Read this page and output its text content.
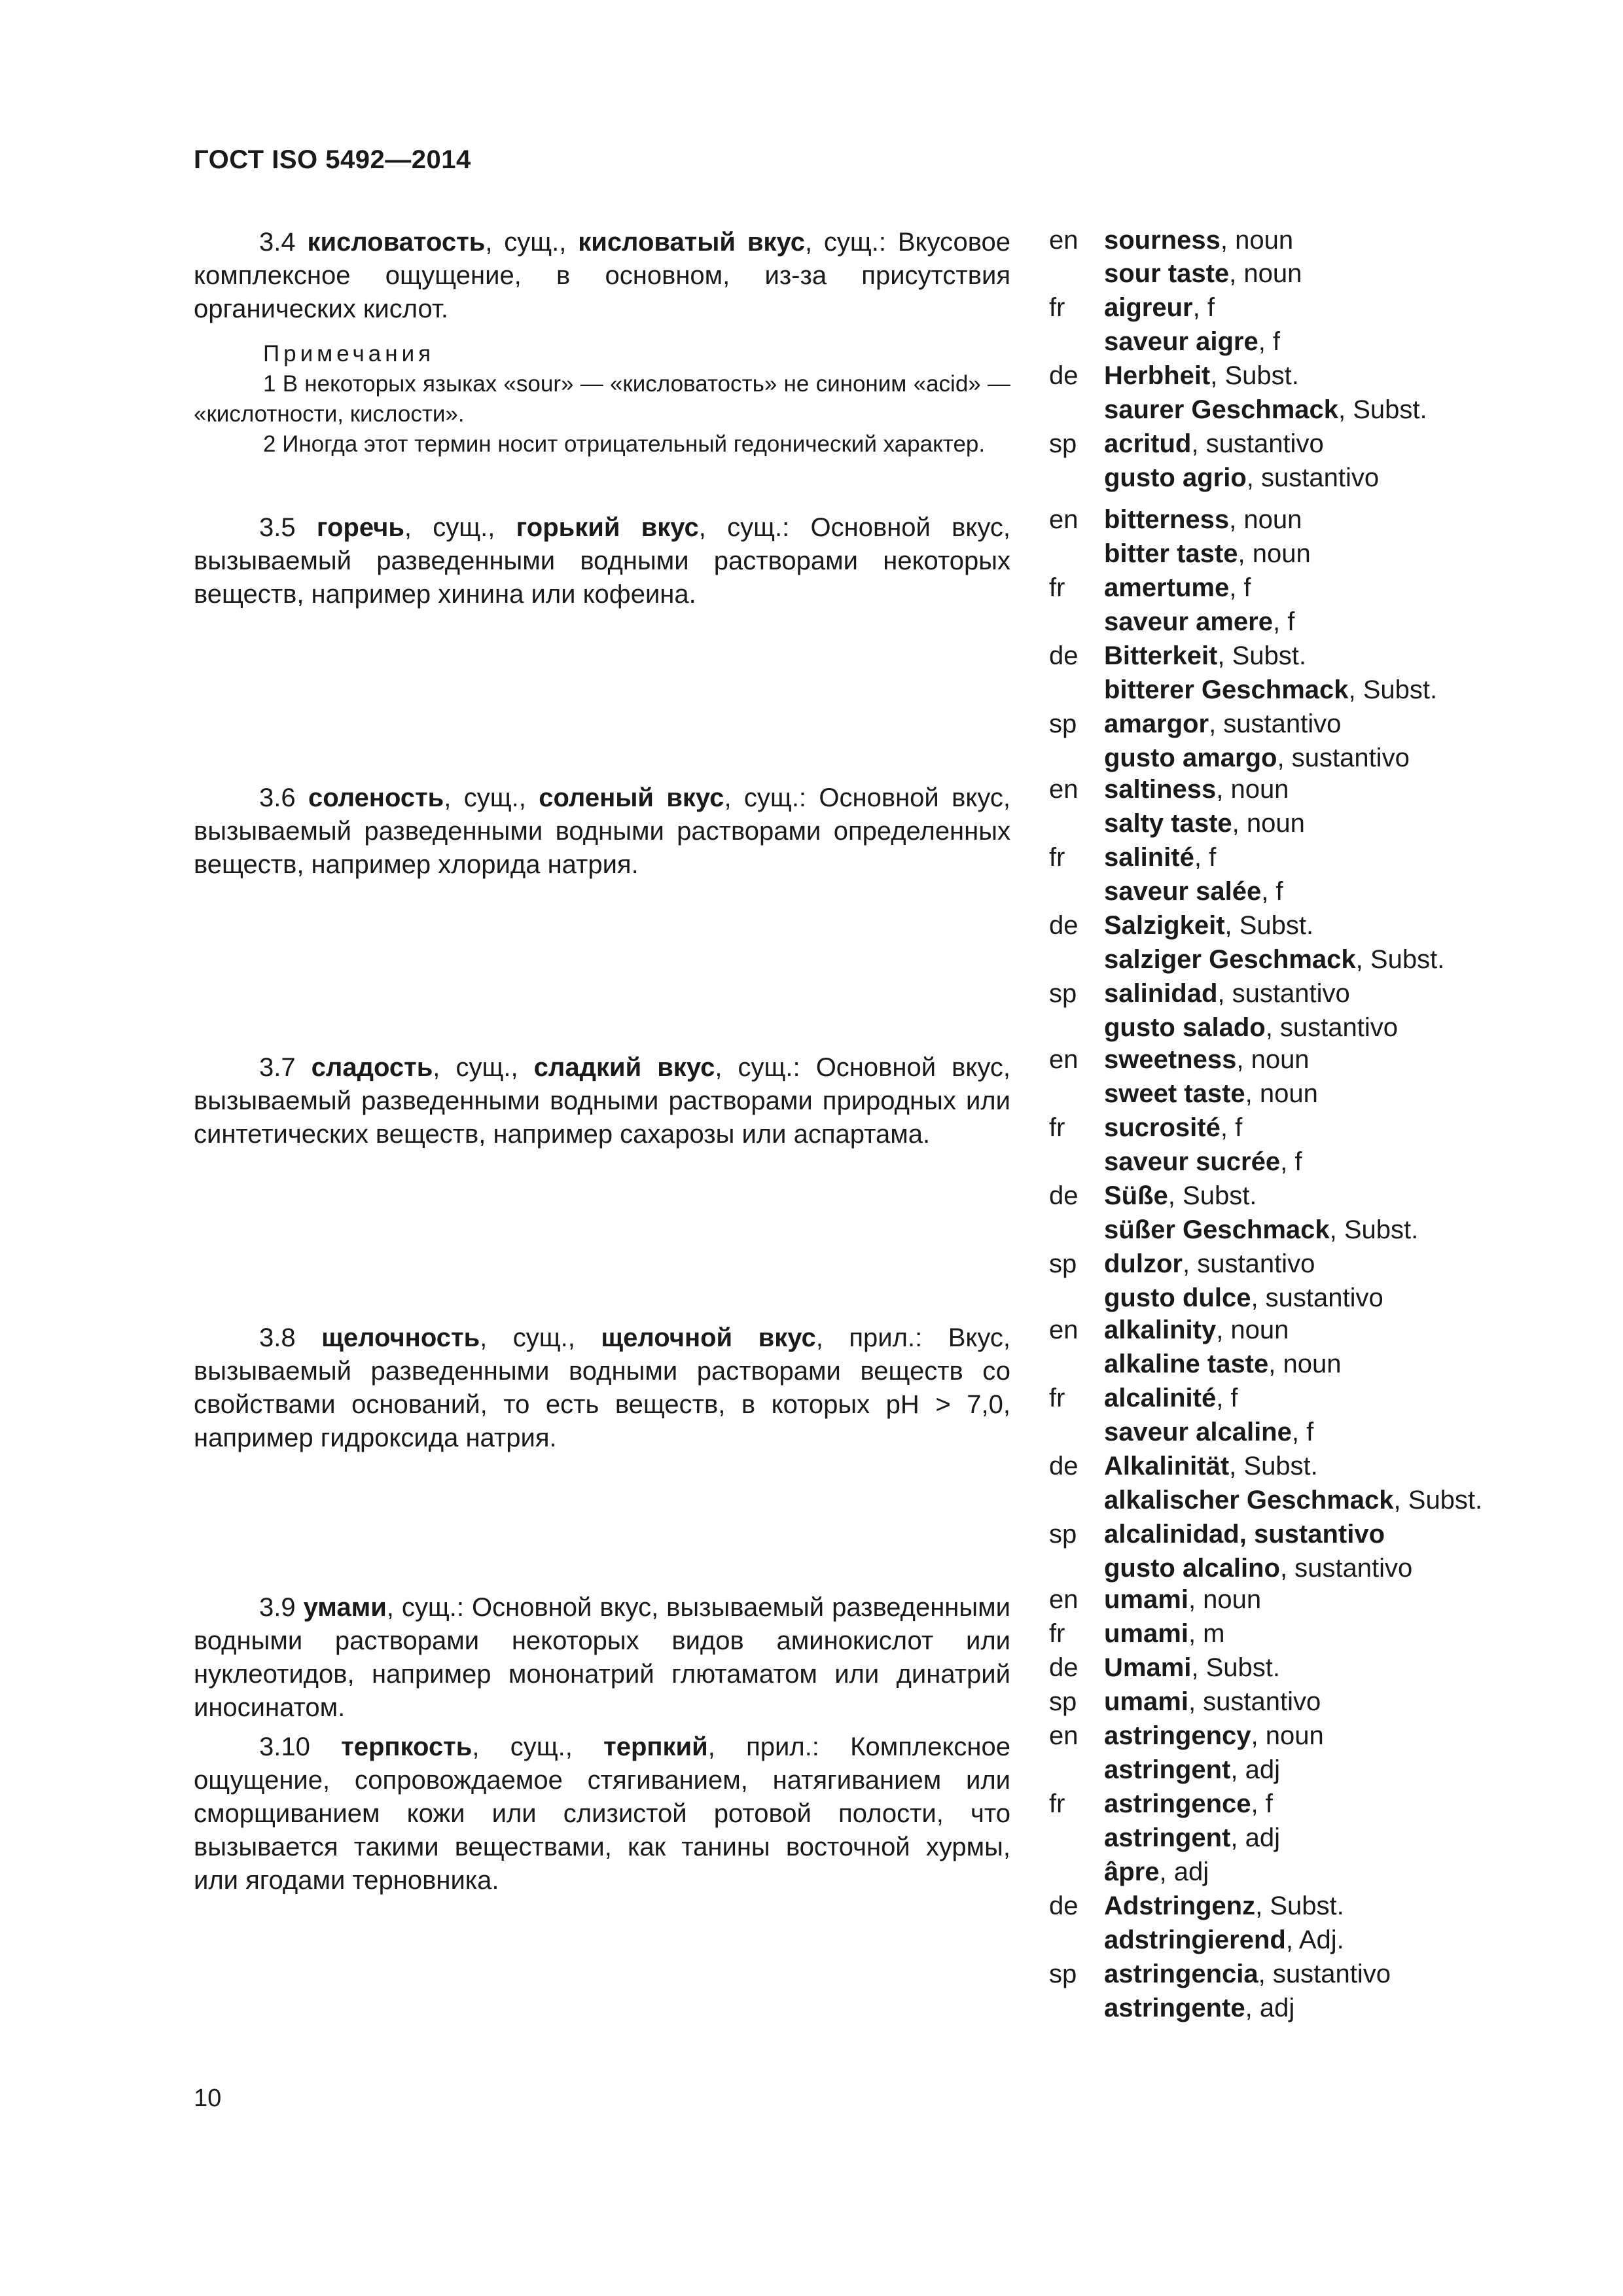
ГОСТ ISO 5492—2014
3.4 кисловатость, сущ., кисловатый вкус, сущ.: Вкусовое комплексное ощущение, в основном, из-за присутствия органических кислот.
Примечания
1 В некоторых языках «sour» — «кисловатость» не синоним «acid» — «кислотности, кислости».
2 Иногда этот термин носит отрицательный гедонический характер.
3.5 горечь, сущ., горький вкус, сущ.: Основной вкус, вызываемый разведенными водными растворами некоторых веществ, например хинина или кофеина.
3.6 соленость, сущ., соленый вкус, сущ.: Основной вкус, вызываемый разведенными водными растворами определенных веществ, например хлорида натрия.
3.7 сладость, сущ., сладкий вкус, сущ.: Основной вкус, вызываемый разведенными водными растворами природных или синтетических веществ, например сахарозы или аспартама.
3.8 щелочность, сущ., щелочной вкус, прил.: Вкус, вызываемый разведенными водными растворами веществ со свойствами оснований, то есть веществ, в которых pH > 7,0, например гидроксида натрия.
3.9 умами, сущ.: Основной вкус, вызываемый разведенными водными растворами некоторых видов аминокислот или нуклеотидов, например мононатрий глютаматом или динатрий иносинатом.
3.10 терпкость, сущ., терпкий, прил.: Комплексное ощущение, сопровождаемое стягиванием, натягиванием или сморщиванием кожи или слизистой ротовой полости, что вызывается такими веществами, как танины восточной хурмы, или ягодами терновника.
en sourness, noun
sour taste, noun
fr aigreur, f
saveur aigre, f
de Herbheit, Subst.
saurer Geschmack, Subst.
sp acritud, sustantivo
gusto agrio, sustantivo
en bitterness, noun
bitter taste, noun
fr amertume, f
saveur amere, f
de Bitterkeit, Subst.
bitterer Geschmack, Subst.
sp amargor, sustantivo
gusto amargo, sustantivo
en saltiness, noun
salty taste, noun
fr salinité, f
saveur salée, f
de Salzigkeit, Subst.
salziger Geschmack, Subst.
sp salinidad, sustantivo
gusto salado, sustantivo
en sweetness, noun
sweet taste, noun
fr sucrosité, f
saveur sucrée, f
de Süße, Subst.
süßer Geschmack, Subst.
sp dulzor, sustantivo
gusto dulce, sustantivo
en alkalinity, noun
alkaline taste, noun
fr alcalinité, f
saveur alcaline, f
de Alkalinität, Subst.
alkalischer Geschmack, Subst.
sp alcalinidad, sustantivo
gusto alcalino, sustantivo
en umami, noun
fr umami, m
de Umami, Subst.
sp umami, sustantivo
en astringency, noun
astringent, adj
fr astringence, f
astringent, adj
âpre, adj
de Adstringenz, Subst.
adstringierend, Adj.
sp astringencia, sustantivo
astringente, adj
10
